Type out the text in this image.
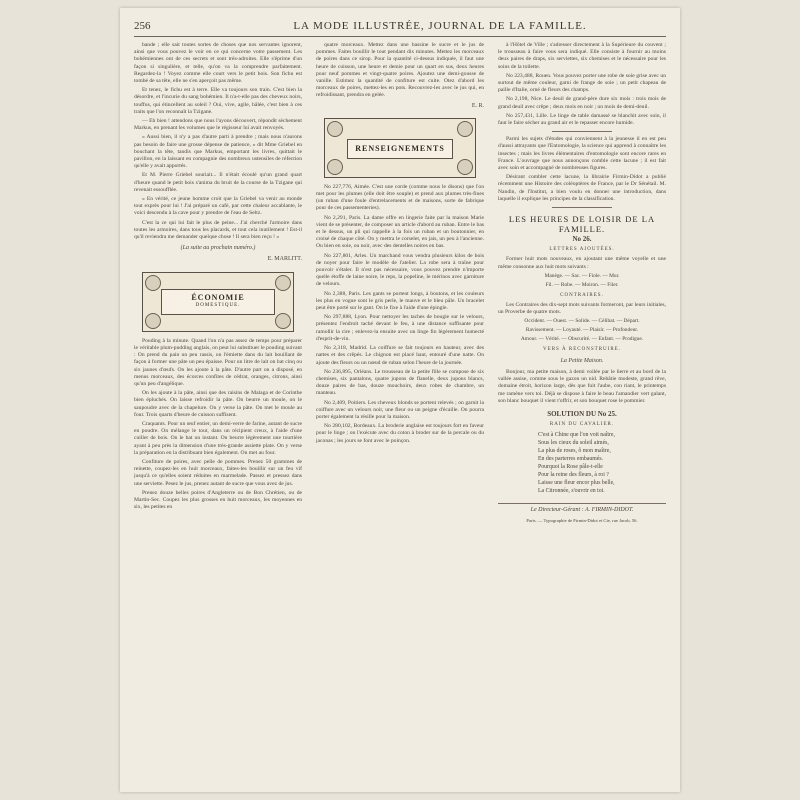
256	LA MODE ILLUSTRÉE, JOURNAL DE LA FAMILLE.

bande ; elle sait toutes sortes de choses que nos servantes ignorent, ainsi que vous pouvez le voir en ce qui concerne votre passement. Les bohémiennes ont de ces secrets et sont très-adroites. Elle s'éprime d'un façon si singulière, et telle, qu'on va la comprendre parfaitement. Regardez-la ! Voyez comme elle court vers le petit bois. Son fichu est tombé de sa tête, elle ne s'en aperçoit pas même.

Et tenez, le fichu est à terre. Elle va toujours son train. C'est bien la désordre, et l'incurie du sang bohémien. Il n'a-t-elle pas des cheveux noirs, touffus, qui étincellent au soleil ? Oui, vive, agile, hâlée, c'est bien à ces traits que l'on reconnaît la Tzigane.

— Eh bien ! attendons que nous l'ayons découvert, répondit sèchement Markus, en prenant les volumes que le régisseur lui avait renvoyés.

« Aussi bien, il n'y a pas d'autre parti à prendre ; mais nous n'aurons pas besoin de faire une grosse dépense de patience, » dit Mme Griebel en bouchant la tête, tandis que Markus, emportant les livres, quittait le pavillon, en la laissant en compagnie des nombreux ustensiles de réfection qu'elle y avait apportés.

Et M. Pierre Griebel souriait... Il n'était écoulé qu'un grand quart d'heure quand le petit bois s'anima du bruit de la course de la Tzigane qui revenait essoufflée.

« En vérité, ce jeune homme croit que la Griebel va venir au monde tout exprès pour lui ! J'ai préparé un café, par cette chaleur accablante, le voici descendu à la cave pour y prendre de l'eau de Seltz.

C'est la ce qui lui fait le plus de peine... J'ai cherché l'armoire dans toutes les armoires, dans tous les placards, et tout cela inutilement ! Est-il qu'il reviendra me demander quelque chose ! Il sera bien reçu ! »

(La suite au prochain numéro.)
E. MARLITT.
ÉCONOMIE
DOMESTIQUE.

Pouding à la minute. Quand l'on n'a pas assez de temps pour préparer le véritable plum-pudding anglais, on peut lui substituer le pouding suivant : On prend du pain un peu rassis, on l'émiette dans du lait bouillant de façon à former une pâte un peu épaisse. Pour un litre de lait on bat cinq ou six jaunes d'œufs. On les ajoute à la pâte. D'autre part on a disposé, en menus morceaux, des écorces confites de cédrat, oranges, citrons, ainsi qu'un peu d'angélique.

On les ajoute à la pâte, ainsi que des raisins de Malaga et de Corinthe bien épluchés. On laisse refroidir la pâte. On beurre un moule, on le saupoudre avec de la chapelure. On y verse la pâte. On met le moule au four. Trois quarts d'heure de cuisson suffisent.

Craquants. Pour un œuf entier, un demi-verre de farine, autant de sucre en poudre. On mélange le tout, dans un récipient creux, à l'aide d'une cuiller de bois. On le bat un instant. On beurre légèrement une tourtière ayant à peu près la dimension d'une très-grande assiette plate. On y verse la préparation en la distribuant bien également. On met au four.

Confiture de poires, avec pelle de pommes. Prenez 50 grammes de reinette, coupez-les en huit morceaux, faites-les bouillir sur un feu vif jusqu'à ce qu'elles soient réduites en marmelade. Passez et pressez dans une serviette. Pesez le jus, prenez autant de sucre que vous avez de jus.

Prenez douze belles poires d'Angleterre ou de Bon Chrétien, ou de Martin-Sec. Coupez les plus grosses en huit morceaux, les moyennes en six, les petites en

quatre morceaux. Mettez dans une bassine le sucre et le jus de pommes. Faites bouillir le tout pendant dix minutes. Mettez les morceaux de poires dans ce sirop. Pour la quantité ci-dessus indiquée, il faut une heure de cuisson, une heure et demie pour un quart en sus, deux heures pour neuf pommes et vingt-quatre poires. Ajoutez une demi-gousse de vanille. Estimez la quantité de confiture est cuite. Otez d'abord les morceaux de poires, mettez-les en pots. Recouvrez-les avec le jus qui, en refroidissant, prendra en gelée.

E. R.
RENSEIGNEMENTS

No 227,776, Aimée. C'est une corde (comme nous le disons) que l'on met pour les plumes (elle doit être souple) et prend aux plumes très-fines (un ruban d'une foule d'entrelacements et de maisons, sorte de fabrique pour de ces passementeries).

No 2,291, Paris. La dame offre en lingerie faite par la maison Marie vient de se présenter, de composer un article d'abord au ruban. Entre le bas et le dessus, un pli qui rappelle à la fois un ruban et un boutonnier, en croisé de chaque côté. On y mettra le corselet, en jais, un peu à l'ancienne. Ou bien en soie, ou noir, avec des dentelles noires en bas.

No 227,801, Arles. Un marchand vous vendra plusieurs kilos de bois de noyer pour faire le modèle de l'atelier. La robe sera à traîne pour pouvoir s'étaler. Il n'est pas nécessaire, vous pouvez prendre n'importe quelle étoffe de laine noire, le reps, la popeline, le mérinos avec garniture de velours.

No 2,388, Paris. Les gants se portent longs, à boutons, et les couleurs les plus en vogue sont le gris perle, le mauve et le bleu pâle. Un bracelet peut être porté sur le gant. On le fixe à l'aide d'une épingle.

No 297,888, Lyon. Pour nettoyer les taches de bougie sur le velours, présentez l'endroit taché devant le feu, à une distance suffisante pour ramollir la cire ; enlevez-la ensuite avec un linge fin légèrement humecté d'esprit-de-vin.

No 2,318, Madrid. La coiffure se fait toujours en hauteur, avec des nattes et des crêpés. Le chignon est placé haut, entouré d'une natte. On ajoute des fleurs ou un nœud de ruban selon l'heure de la journée.

No 236,895, Orléans. Le trousseau de la petite fille se compose de six chemises, six pantalons, quatre jupons de flanelle, deux jupons blancs, douze paires de bas, douze mouchoirs, deux robes de chambre, un manteau.

No 2,409, Poitiers. Les cheveux blonds se portent relevés ; on garnit la coiffure avec un velours noir, une fleur ou un peigne d'écaille. On pourra porter également la résille pour la maison.

No 280,102, Bordeaux. La broderie anglaise est toujours fort en faveur pour le linge ; on l'exécute avec du coton à broder sur de la percale ou du jaconas ; les jours se font avec le poinçon.

à l'Hôtel de Ville ; s'adresser directement à la Supérieure du couvent ; le trousseau à faire vous sera indiqué. Elle consiste à fournir au moins deux paires de draps, six serviettes, six chemises et le nécessaire pour les soins de la toilette.

No 223,488, Rouen. Vous pouvez porter une robe de soie grise avec un surtout de même couleur, garni de frange de soie ; un petit chapeau de paille d'Italie, orné de fleurs des champs.

No 2,198, Nice. Le deuil de grand-père dure six mois : trois mois de grand deuil avec crêpe ; deux mois en noir ; un mois de demi-deuil.

No 257,431, Lille. Le linge de table damassé se blanchit avec soin, il faut le faire sécher au grand air et le repasser encore humide.

Parmi les sujets d'études qui conviennent à la jeunesse il en est peu d'aussi attrayants que l'Entomologie, la science qui apprend à connaître les insectes ; mais les livres élémentaires d'entomologie sont encore rares en France. L'ouvrage que nous annonçons comble cette lacune ; il est fait avec soin et accompagné de nombreuses figures.

Désirant combler cette lacune, la librairie Firmin-Didot a publié récemment une Histoire des coléoptères de France, par le Dr Sénétail. M. Nandin, de l'Institut, a bien voulu en donner une introduction, dans laquelle il explique les principes de la classification.

LES HEURES DE LOISIR DE LA FAMILLE.
No 26.
LETTRES AJOUTÉES.

Former huit mots nouveaux, en ajoutant une même voyelle et une même consonne aux huit mots suivants :

Manège. — Sac. — Fiole. — Mur.
Fil. — Robe. — Moiron. — Filer.
CONTRAIRES.

Les Contraires des dix-sept mots suivants formeront, par leurs initiales, un Proverbe de quatre mots.

Occident. — Ouest. — Solide. — Célibat. — Départ.
Ravissement. — Loyauté. — Plaisir. — Profondeur.
Amour. — Vérité. — Obscurité. — Enfant. — Prodigue.
VERS À RECONSTRUIRE.
La Petite Maison.

Bonjour, ma petite maison, à demi voilée par le lierre et au bord de la vallée assise, comme sous le gazon un nid. Rebâtie modeste, grand rêve, domaine étroit, horizon large, dès que fuit l'aube, con riant, le printemps me ramène vers toi. Déjà se dispose à faire le beau l'amandier vert galant, son blanc bouquet il vient t'offrir, et son bouquet rose le pommier.

SOLUTION DU No 25.
RAIN DU CAVALIER.
C'est à Chine que l'on voit naître,
Sous les cieux du soleil aimés,
La plus de roses, ô mon maître,
En des parterres embaumés.
Pourquoi la Rose pâle-t-elle
Pour la reine des fleurs, à roi ?
Laisse une fleur encor plus belle,
La Citronnée, s'ouvrir en toi.
Le Directeur-Gérant : A. FIRMIN-DIDOT.
Paris. — Typographie de Firmin-Didot et Cie, rue Jacob, 56.
